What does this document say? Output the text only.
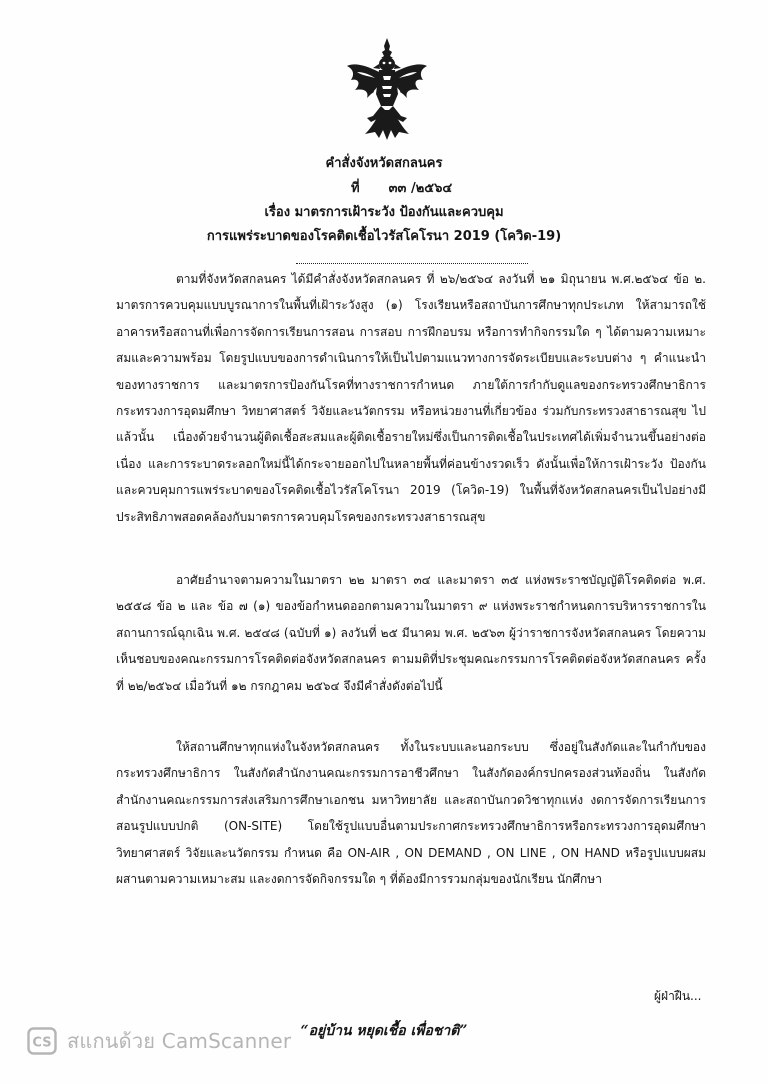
คำสั่งจังหวัดสกลนคร
ที่ ๓๓ /๒๕๖๔
เรื่อง มาตรการเฝ้าระวัง ป้องกันและควบคุม
การแพร่ระบาดของโรคติดเชื้อไวรัสโคโรนา 2019 (โควิด-19)

ตามที่จังหวัดสกลนคร ได้มีคำสั่งจังหวัดสกลนคร ที่ ๒๖/๒๕๖๔ ลงวันที่ ๒๑ มิถุนายน พ.ศ.๒๕๖๔ ข้อ ๒. มาตรการควบคุมแบบบูรณาการในพื้นที่เฝ้าระวังสูง (๑) โรงเรียนหรือสถาบันการศึกษาทุกประเภท ให้สามารถใช้อาคารหรือสถานที่เพื่อการจัดการเรียนการสอน การสอบ การฝึกอบรม หรือการทำกิจกรรมใด ๆ ได้ตามความเหมาะสมและความพร้อม โดยรูปแบบของการดำเนินการให้เป็นไปตามแนวทางการจัดระเบียบและระบบต่าง ๆ คำแนะนำของทางราชการ และมาตรการป้องกันโรคที่ทางราชการกำหนด ภายใต้การกำกับดูแลของกระทรวงศึกษาธิการ กระทรวงการอุดมศึกษา วิทยาศาสตร์ วิจัยและนวัตกรรม หรือหน่วยงานที่เกี่ยวข้อง ร่วมกับกระทรวงสาธารณสุข ไปแล้วนั้น เนื่องด้วยจำนวนผู้ติดเชื้อสะสมและผู้ติดเชื้อรายใหม่ซึ่งเป็นการติดเชื้อในประเทศได้เพิ่มจำนวนขึ้นอย่างต่อเนื่อง และการระบาดระลอกใหม่นี้ได้กระจายออกไปในหลายพื้นที่ค่อนข้างรวดเร็ว ดังนั้นเพื่อให้การเฝ้าระวัง ป้องกันและควบคุมการแพร่ระบาดของโรคติดเชื้อไวรัสโคโรนา 2019 (โควิด-19) ในพื้นที่จังหวัดสกลนครเป็นไปอย่างมีประสิทธิภาพสอดคล้องกับมาตรการควบคุมโรคของกระทรวงสาธารณสุข

อาศัยอำนาจตามความในมาตรา ๒๒ มาตรา ๓๔ และมาตรา ๓๕ แห่งพระราชบัญญัติโรคติดต่อ พ.ศ. ๒๕๕๘ ข้อ ๒ และ ข้อ ๗ (๑) ของข้อกำหนดออกตามความในมาตรา ๙ แห่งพระราชกำหนดการบริหารราชการในสถานการณ์ฉุกเฉิน พ.ศ. ๒๕๔๘ (ฉบับที่ ๑) ลงวันที่ ๒๕ มีนาคม พ.ศ. ๒๕๖๓ ผู้ว่าราชการจังหวัดสกลนคร โดยความเห็นชอบของคณะกรรมการโรคติดต่อจังหวัดสกลนคร ตามมติที่ประชุมคณะกรรมการโรคติดต่อจังหวัดสกลนคร ครั้งที่ ๒๒/๒๕๖๔ เมื่อวันที่ ๑๒ กรกฎาคม ๒๕๖๔ จึงมีคำสั่งดังต่อไปนี้

ให้สถานศึกษาทุกแห่งในจังหวัดสกลนคร ทั้งในระบบและนอกระบบ ซึ่งอยู่ในสังกัดและในกำกับของกระทรวงศึกษาธิการ ในสังกัดสำนักงานคณะกรรมการอาชีวศึกษา ในสังกัดองค์กรปกครองส่วนท้องถิ่น ในสังกัดสำนักงานคณะกรรมการส่งเสริมการศึกษาเอกชน มหาวิทยาลัย และสถาบันกวดวิชาทุกแห่ง งดการจัดการเรียนการสอนรูปแบบปกติ (ON-SITE) โดยใช้รูปแบบอื่นตามประกาศกระทรวงศึกษาธิการหรือกระทรวงการอุดมศึกษา วิทยาศาสตร์ วิจัยและนวัตกรรม กำหนด คือ ON-AIR , ON DEMAND , ON LINE , ON HAND หรือรูปแบบผสมผสานตามความเหมาะสม และงดการจัดกิจกรรมใด ๆ ที่ต้องมีการรวมกลุ่มของนักเรียน นักศึกษา

ผู้ฝ่าฝืน...
“อยู่บ้าน หยุดเชื้อ เพื่อชาติ”
CS สแกนด้วย CamScanner
